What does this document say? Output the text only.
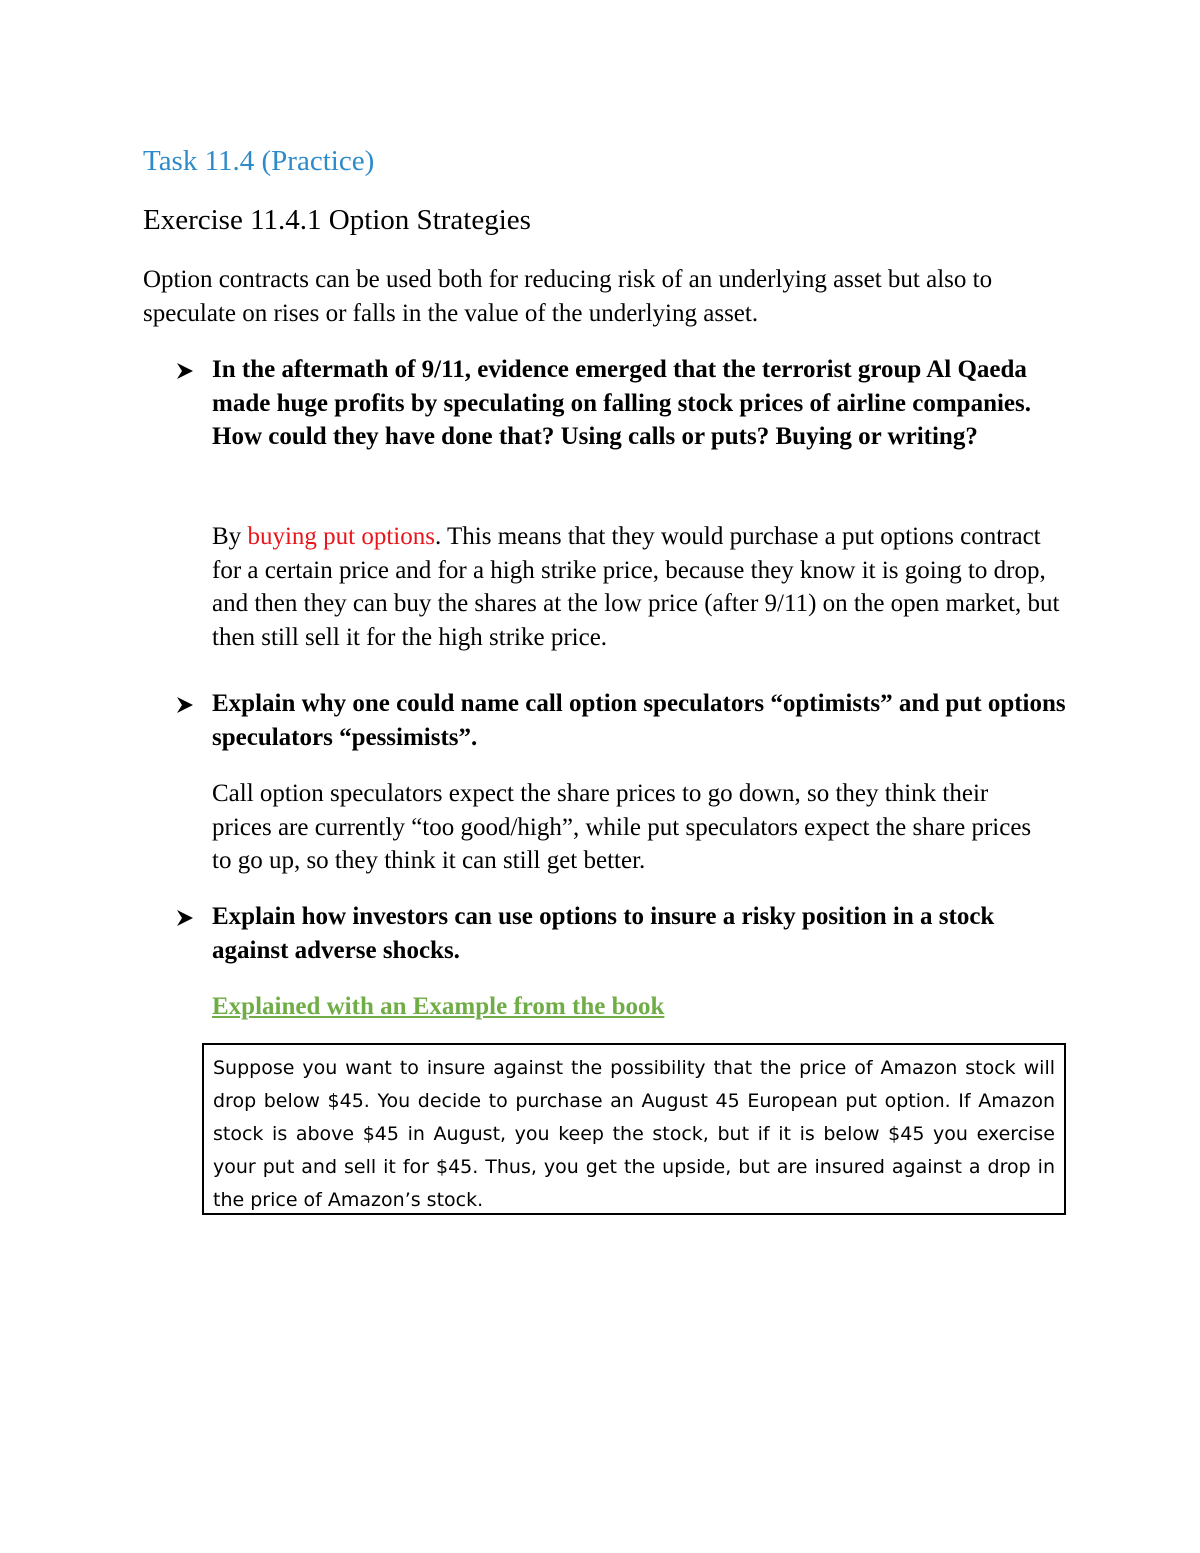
Task 11.4 (Practice)
Exercise 11.4.1 Option Strategies
Option contracts can be used both for reducing risk of an underlying asset but also to speculate on rises or falls in the value of the underlying asset.
In the aftermath of 9/11, evidence emerged that the terrorist group Al Qaeda made huge profits by speculating on falling stock prices of airline companies. How could they have done that? Using calls or puts? Buying or writing?
By buying put options. This means that they would purchase a put options contract for a certain price and for a high strike price, because they know it is going to drop, and then they can buy the shares at the low price (after 9/11) on the open market, but then still sell it for the high strike price.
Explain why one could name call option speculators “optimists” and put options speculators “pessimists”.
Call option speculators expect the share prices to go down, so they think their prices are currently “too good/high”, while put speculators expect the share prices to go up, so they think it can still get better.
Explain how investors can use options to insure a risky position in a stock against adverse shocks.
Explained with an Example from the book
Suppose you want to insure against the possibility that the price of Amazon stock will drop below $45. You decide to purchase an August 45 European put option. If Amazon stock is above $45 in August, you keep the stock, but if it is below $45 you exercise your put and sell it for $45. Thus, you get the upside, but are insured against a drop in the price of Amazon’s stock.
